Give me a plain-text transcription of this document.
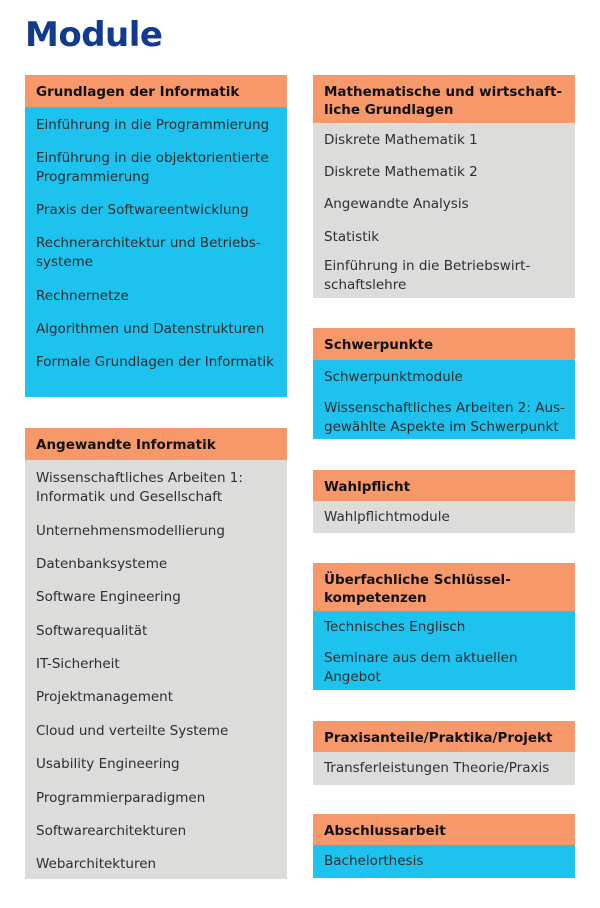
Module
Grundlagen der Informatik
Einführung in die Programmierung
Einführung in die objektorientierte Programmierung
Praxis der Softwareentwicklung
Rechnerarchitektur und Betriebssysteme
Rechnernetze
Algorithmen und Datenstrukturen
Formale Grundlagen der Informatik
Angewandte Informatik
Wissenschaftliches Arbeiten 1: Informatik und Gesellschaft
Unternehmensmodellierung
Datenbanksysteme
Software Engineering
Softwarequalität
IT-Sicherheit
Projektmanagement
Cloud und verteilte Systeme
Usability Engineering
Programmierparadigmen
Softwarearchitekturen
Webarchitekturen
Mathematische und wirtschaftliche Grundlagen
Diskrete Mathematik 1
Diskrete Mathematik 2
Angewandte Analysis
Statistik
Einführung in die Betriebswirtschaftslehre
Schwerpunkte
Schwerpunktmodule
Wissenschaftliches Arbeiten 2: Ausgewählte Aspekte im Schwerpunkt
Wahlpflicht
Wahlpflichtmodule
Überfachliche Schlüsselkompetenzen
Technisches Englisch
Seminare aus dem aktuellen Angebot
Praxisanteile/Praktika/Projekt
Transferleistungen Theorie/Praxis
Abschlussarbeit
Bachelorthesis
